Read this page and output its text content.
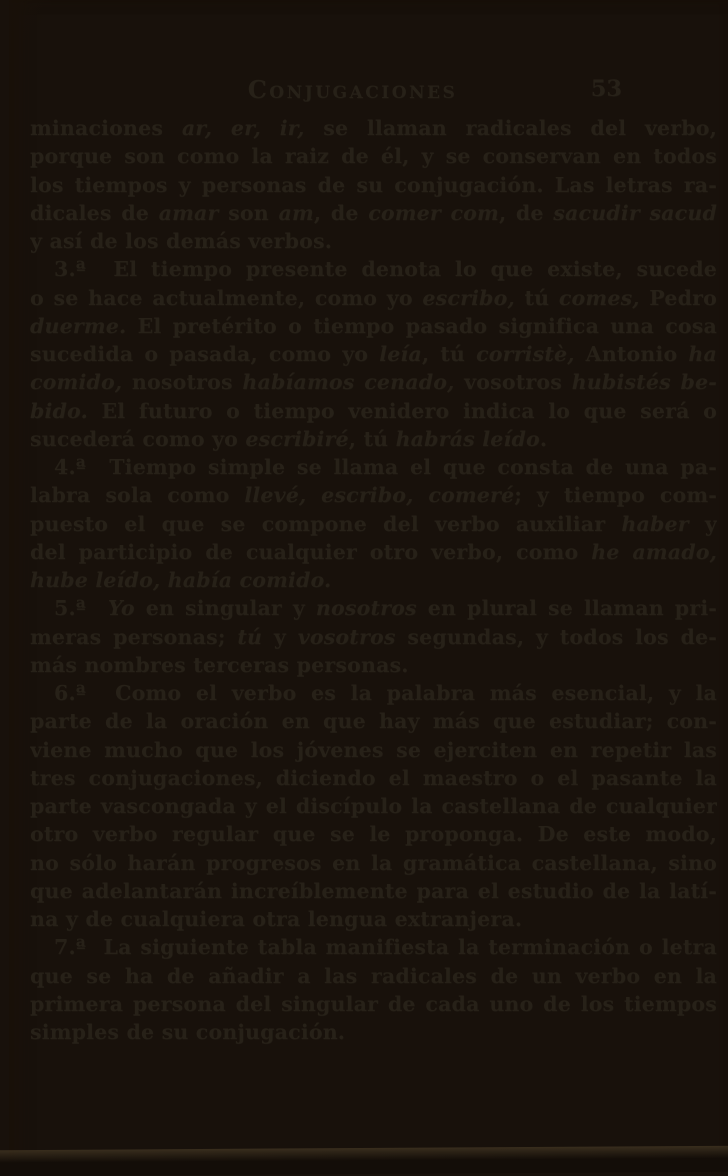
Conjugaciones	53
minaciones ar, er, ir, se llaman radicales del verbo,
porque son como la raiz de él, y se conservan en todos
los tiempos y personas de su conjugación. Las letras ra-
dicales de amar son am, de comer com, de sacudir sacud
y así de los demás verbos.
3.ª  El tiempo presente denota lo que existe, sucede
o se hace actualmente, como yo escribo, tú comes, Pedro
duerme. El pretérito o tiempo pasado significa una cosa
sucedida o pasada, como yo leía, tú corristè, Antonio ha
comido, nosotros habíamos cenado, vosotros hubistés be-
bido. El futuro o tiempo venidero indica lo que será o
sucederá como yo escribiré, tú habrás leído.
4.ª  Tiempo simple se llama el que consta de una pa-
labra sola como llevé, escribo, comeré; y tiempo com-
puesto el que se compone del verbo auxiliar haber y
del participio de cualquier otro verbo, como he amado,
hube leído, había comido.
5.ª  Yo en singular y nosotros en plural se llaman pri-
meras personas; tú y vosotros segundas, y todos los de-
más nombres terceras personas.
6.ª  Como el verbo es la palabra más esencial, y la
parte de la oración en que hay más que estudiar; con-
viene mucho que los jóvenes se ejerciten en repetir las
tres conjugaciones, diciendo el maestro o el pasante la
parte vascongada y el discípulo la castellana de cualquier
otro verbo regular que se le proponga. De este modo,
no sólo harán progresos en la gramática castellana, sino
que adelantarán increíblemente para el estudio de la latí-
na y de cualquiera otra lengua extranjera.
7.ª  La siguiente tabla manifiesta la terminación o letra
que se ha de añadir a las radicales de un verbo en la
primera persona del singular de cada uno de los tiempos
simples de su conjugación.
